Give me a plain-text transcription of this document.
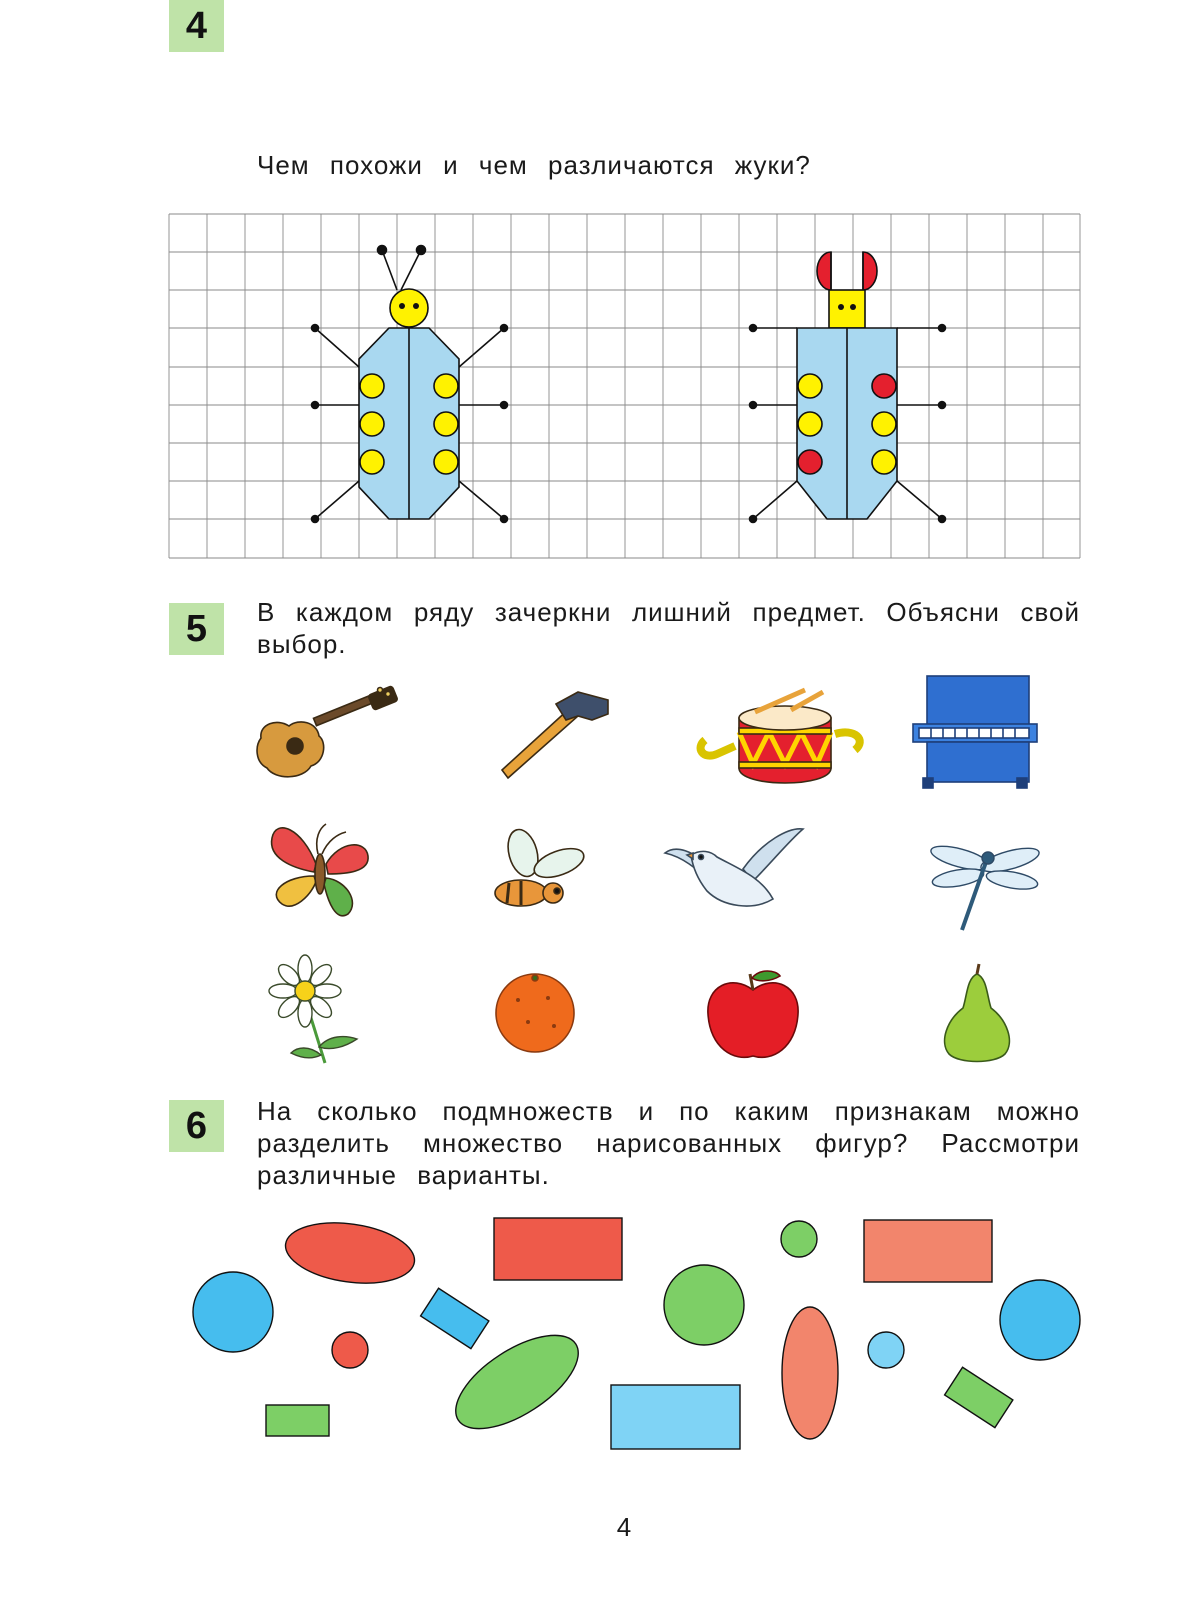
4
Чем похожи и чем различаются жуки?
5	В каждом ряду зачеркни лишний предмет. Объясни свой выбор.
6	На сколько подмножеств и по каким признакам можно разделить множество нарисованных фигур? Рассмотри различные варианты.
4
